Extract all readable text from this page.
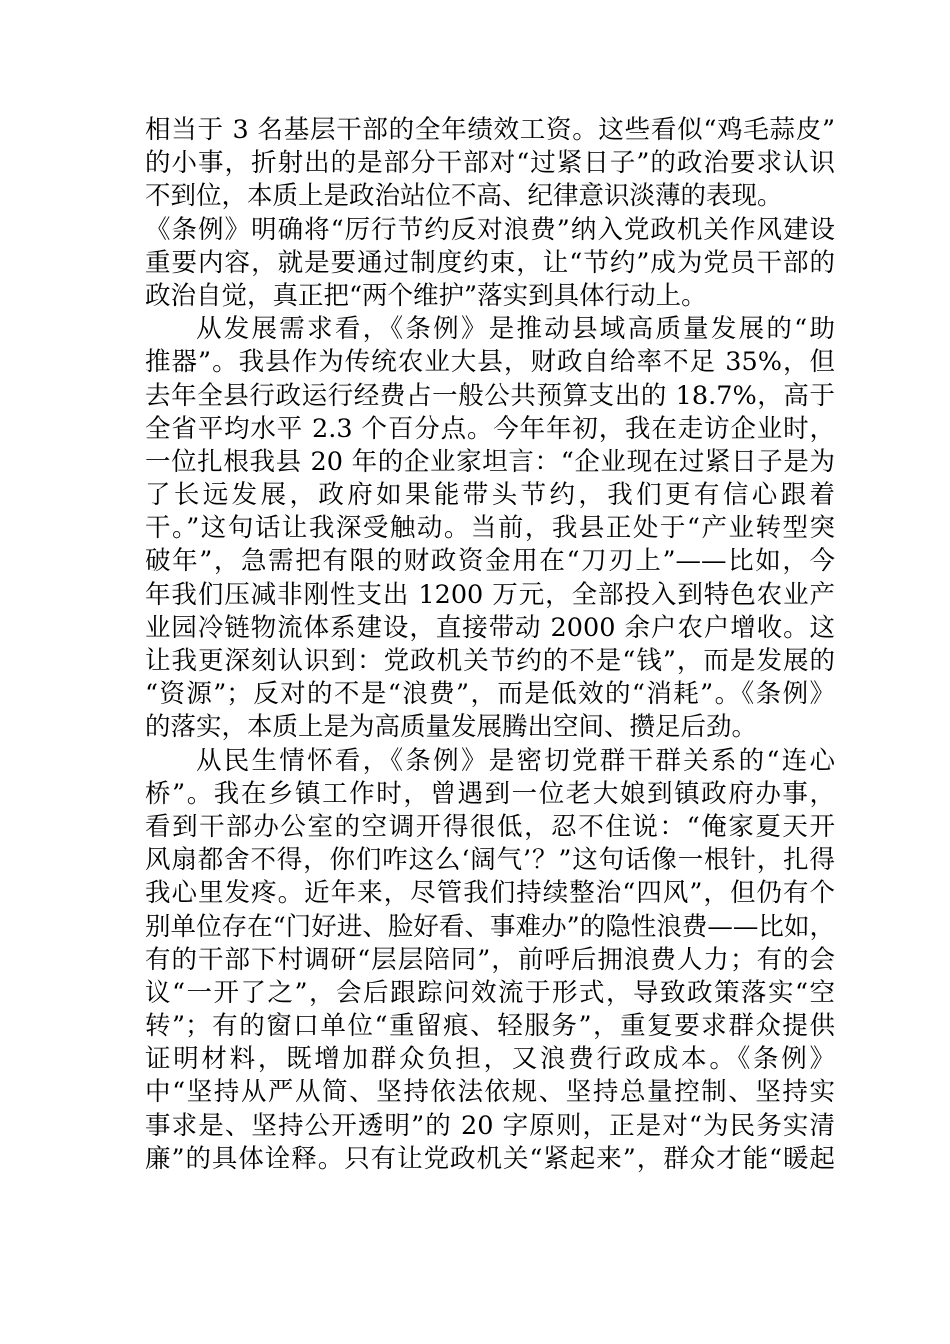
相当于 3 名基层干部的全年绩效工资。这些看似“鸡毛蒜皮”
的小事，折射出的是部分干部对“过紧日子”的政治要求认识
不到位，本质上是政治站位不高、纪律意识淡薄的表现。
《条例》明确将“厉行节约反对浪费”纳入党政机关作风建设
重要内容，就是要通过制度约束，让“节约”成为党员干部的
政治自觉，真正把“两个维护”落实到具体行动上。
从发展需求看，《条例》是推动县域高质量发展的“助
推器”。我县作为传统农业大县，财政自给率不足 35%，但
去年全县行政运行经费占一般公共预算支出的 18.7%，高于
全省平均水平 2.3 个百分点。今年年初，我在走访企业时，
一位扎根我县 20 年的企业家坦言：“企业现在过紧日子是为
了长远发展，政府如果能带头节约，我们更有信心跟着
干。”这句话让我深受触动。当前，我县正处于“产业转型突
破年”，急需把有限的财政资金用在“刀刃上”——比如，今
年我们压减非刚性支出 1200 万元，全部投入到特色农业产
业园冷链物流体系建设，直接带动 2000 余户农户增收。这
让我更深刻认识到：党政机关节约的不是“钱”，而是发展的
“资源”；反对的不是“浪费”，而是低效的“消耗”。《条例》
的落实，本质上是为高质量发展腾出空间、攒足后劲。
从民生情怀看，《条例》是密切党群干群关系的“连心
桥”。我在乡镇工作时，曾遇到一位老大娘到镇政府办事，
看到干部办公室的空调开得很低，忍不住说：“俺家夏天开
风扇都舍不得，你们咋这么‘阔气’？”这句话像一根针，扎得
我心里发疼。近年来，尽管我们持续整治“四风”，但仍有个
别单位存在“门好进、脸好看、事难办”的隐性浪费——比如，
有的干部下村调研“层层陪同”，前呼后拥浪费人力；有的会
议“一开了之”，会后跟踪问效流于形式，导致政策落实“空
转”；有的窗口单位“重留痕、轻服务”，重复要求群众提供
证明材料，既增加群众负担，又浪费行政成本。《条例》
中“坚持从严从简、坚持依法依规、坚持总量控制、坚持实
事求是、坚持公开透明”的 20 字原则，正是对“为民务实清
廉”的具体诠释。只有让党政机关“紧起来”，群众才能“暖起
